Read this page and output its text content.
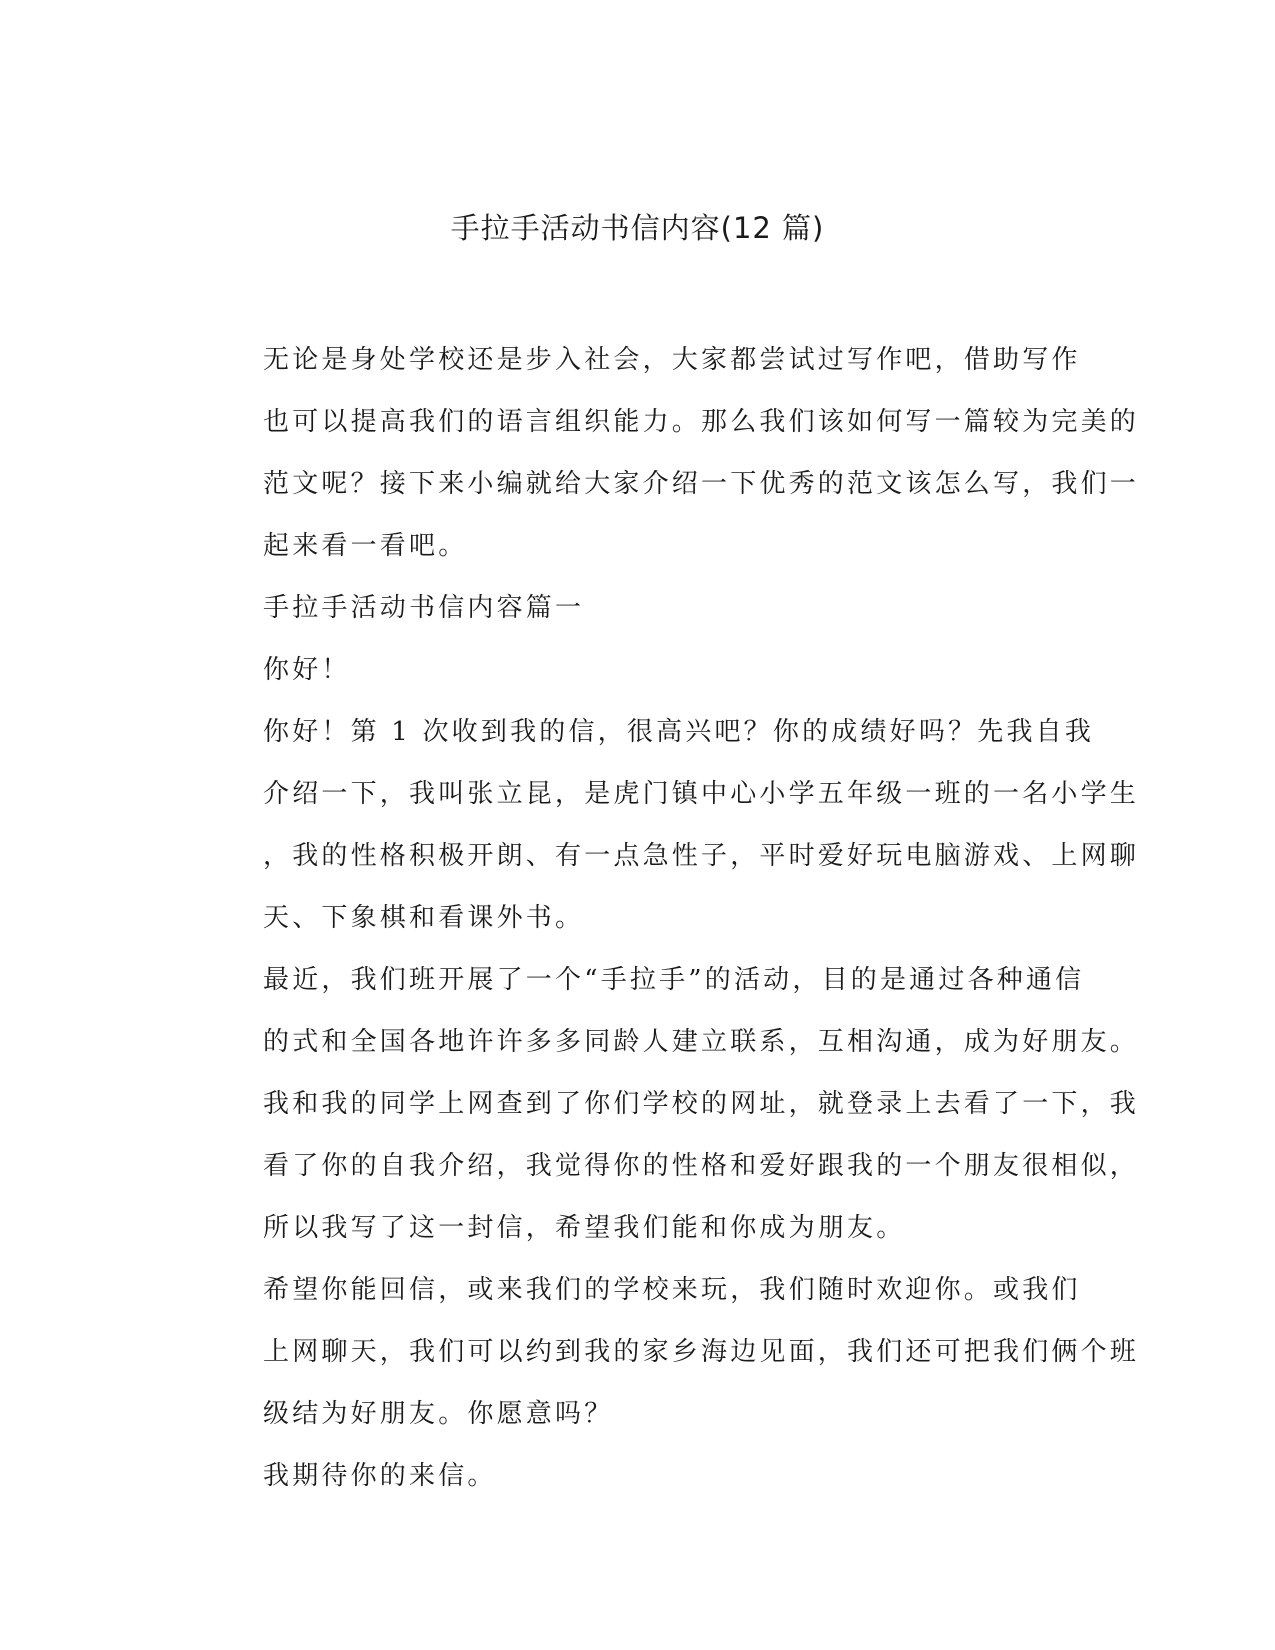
手拉手活动书信内容(12 篇)

无论是身处学校还是步入社会，大家都尝试过写作吧，借助写作
也可以提高我们的语言组织能力。那么我们该如何写一篇较为完美的
范文呢？接下来小编就给大家介绍一下优秀的范文该怎么写，我们一
起来看一看吧。

手拉手活动书信内容篇一

你好！

你好！第 1 次收到我的信，很高兴吧？你的成绩好吗？先我自我
介绍一下，我叫张立昆，是虎门镇中心小学五年级一班的一名小学生
，我的性格积极开朗、有一点急性子，平时爱好玩电脑游戏、上网聊
天、下象棋和看课外书。

最近，我们班开展了一个“手拉手”的活动，目的是通过各种通信
的式和全国各地许许多多同龄人建立联系，互相沟通，成为好朋友。
我和我的同学上网查到了你们学校的网址，就登录上去看了一下，我
看了你的自我介绍，我觉得你的性格和爱好跟我的一个朋友很相似，
所以我写了这一封信，希望我们能和你成为朋友。

希望你能回信，或来我们的学校来玩，我们随时欢迎你。或我们
上网聊天，我们可以约到我的家乡海边见面，我们还可把我们俩个班
级结为好朋友。你愿意吗？

我期待你的来信。
